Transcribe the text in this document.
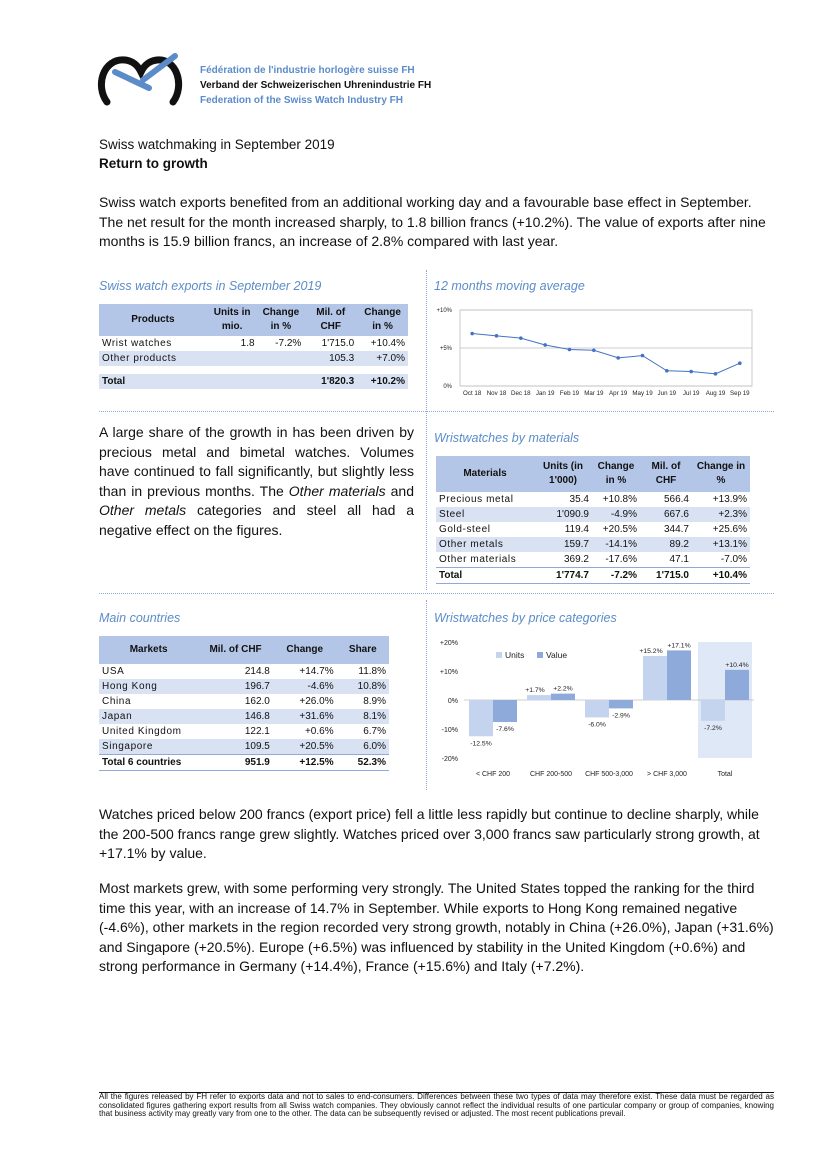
Fédération de l'industrie horlogère suisse FH
Verband der Schweizerischen Uhrenindustrie FH
Federation of the Swiss Watch Industry FH
Swiss watchmaking in September 2019
Return to growth
Swiss watch exports benefited from an additional working day and a favourable base effect in September. The net result for the month increased sharply, to 1.8 billion francs (+10.2%). The value of exports after nine months is 15.9 billion francs, an increase of 2.8% compared with last year.
Swiss watch exports in September 2019
Products	Units in mio.	Change in %	Mil. of CHF	Change in %
Wrist watches	1.8	-7.2%	1'715.0	+10.4%
Other products			105.3	+7.0%

Total			1'820.3	+10.2%
12 months moving average
+10%
+5%
0%
Oct 18 Nov 18 Dec 18 Jan 19 Feb 19 Mar 19 Apr 19 May 19 Jun 19 Jul 19 Aug 19 Sep 19
A large share of the growth in has been driven by precious metal and bimetal watches. Volumes have continued to fall significantly, but slightly less than in previous months. The Other materials and Other metals categories and steel all had a negative effect on the figures.
Wristwatches by materials
Materials	Units (in 1'000)	Change in %	Mil. of CHF	Change in %
Precious metal	35.4	+10.8%	566.4	+13.9%
Steel	1'090.9	-4.9%	667.6	+2.3%
Gold-steel	119.4	+20.5%	344.7	+25.6%
Other metals	159.7	-14.1%	89.2	+13.1%
Other materials	369.2	-17.6%	47.1	-7.0%
Total	1'774.7	-7.2%	1'715.0	+10.4%
Main countries
Markets	Mil. of CHF	Change	Share
USA	214.8	+14.7%	11.8%
Hong Kong	196.7	-4.6%	10.8%
China	162.0	+26.0%	8.9%
Japan	146.8	+31.6%	8.1%
United Kingdom	122.1	+0.6%	6.7%
Singapore	109.5	+20.5%	6.0%
Total 6 countries	951.9	+12.5%	52.3%
Wristwatches by price categories
+20%
+10%
0%
-10%
-20%
-12.5%
-7.6%
< CHF 200
+1.7% +2.2%
CHF 200-500
-6.0%
-2.9%
CHF 500-3,000
+15.2%
+17.1%
> CHF 3,000
-7.2%
+10.4%
Total
Units	Value
Watches priced below 200 francs (export price) fell a little less rapidly but continue to decline sharply, while the 200-500 francs range grew slightly. Watches priced over 3,000 francs saw particularly strong growth, at +17.1% by value.
Most markets grew, with some performing very strongly. The United States topped the ranking for the third time this year, with an increase of 14.7% in September. While exports to Hong Kong remained negative (-4.6%), other markets in the region recorded very strong growth, notably in China (+26.0%), Japan (+31.6%) and Singapore (+20.5%). Europe (+6.5%) was influenced by stability in the United Kingdom (+0.6%) and strong performance in Germany (+14.4%), France (+15.6%) and Italy (+7.2%).
All the figures released by FH refer to exports data and not to sales to end-consumers. Differences between these two types of data may therefore exist. These data must be regarded as consolidated figures gathering export results from all Swiss watch companies. They obviously cannot reflect the individual results of one particular company or group of companies, knowing that business activity may greatly vary from one to the other. The data can be subsequently revised or adjusted. The most recent publications prevail.
